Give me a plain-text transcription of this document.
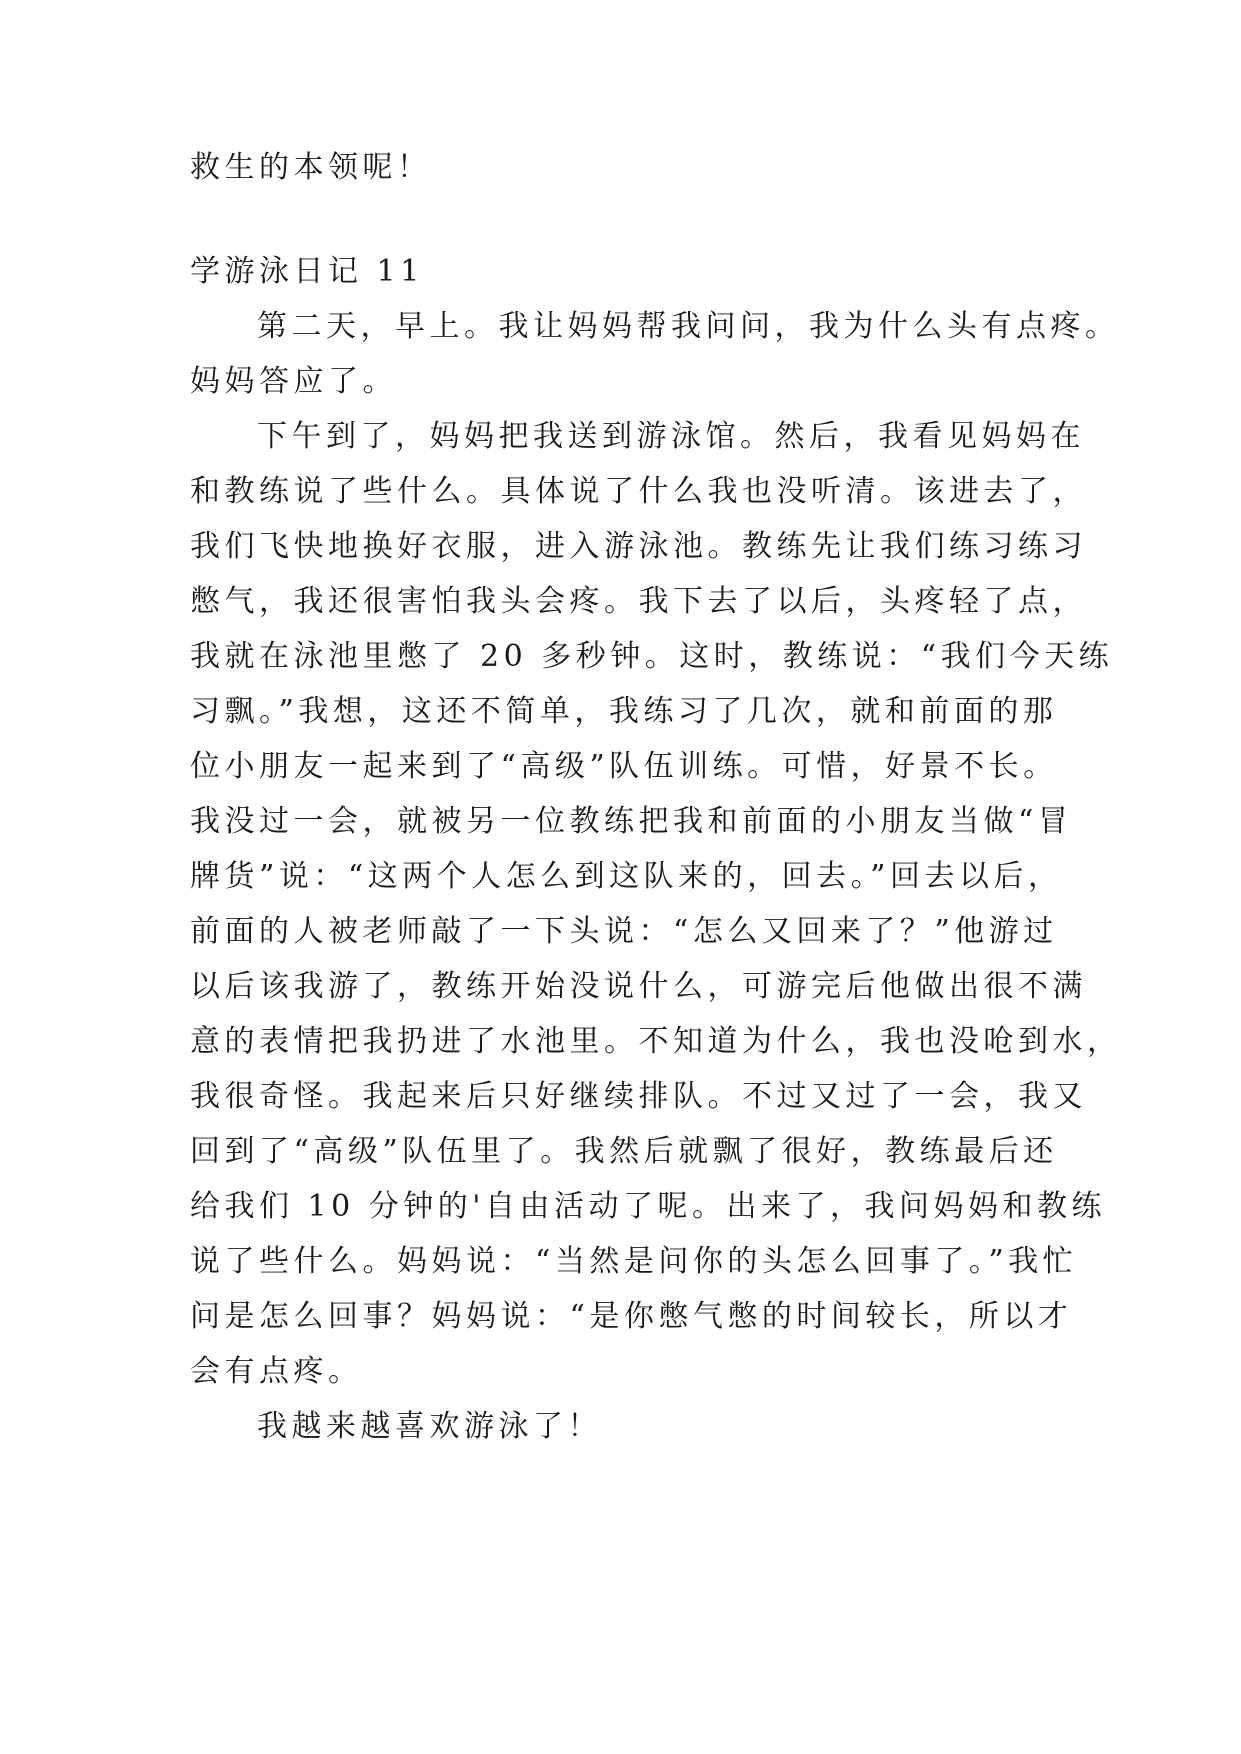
救生的本领呢！
学游泳日记 11
第二天，早上。我让妈妈帮我问问，我为什么头有点疼。
妈妈答应了。
下午到了，妈妈把我送到游泳馆。然后，我看见妈妈在
和教练说了些什么。具体说了什么我也没听清。该进去了，
我们飞快地换好衣服，进入游泳池。教练先让我们练习练习
憋气，我还很害怕我头会疼。我下去了以后，头疼轻了点，
我就在泳池里憋了 20 多秒钟。这时，教练说：“我们今天练
习飘。”我想，这还不简单，我练习了几次，就和前面的那
位小朋友一起来到了“高级”队伍训练。可惜，好景不长。
我没过一会，就被另一位教练把我和前面的小朋友当做“冒
牌货”说：“这两个人怎么到这队来的，回去。”回去以后，
前面的人被老师敲了一下头说：“怎么又回来了？”他游过
以后该我游了，教练开始没说什么，可游完后他做出很不满
意的表情把我扔进了水池里。不知道为什么，我也没呛到水，
我很奇怪。我起来后只好继续排队。不过又过了一会，我又
回到了“高级”队伍里了。我然后就飘了很好，教练最后还
给我们 10 分钟的'自由活动了呢。出来了，我问妈妈和教练
说了些什么。妈妈说：“当然是问你的头怎么回事了。”我忙
问是怎么回事？妈妈说：“是你憋气憋的时间较长，所以才
会有点疼。
我越来越喜欢游泳了！
